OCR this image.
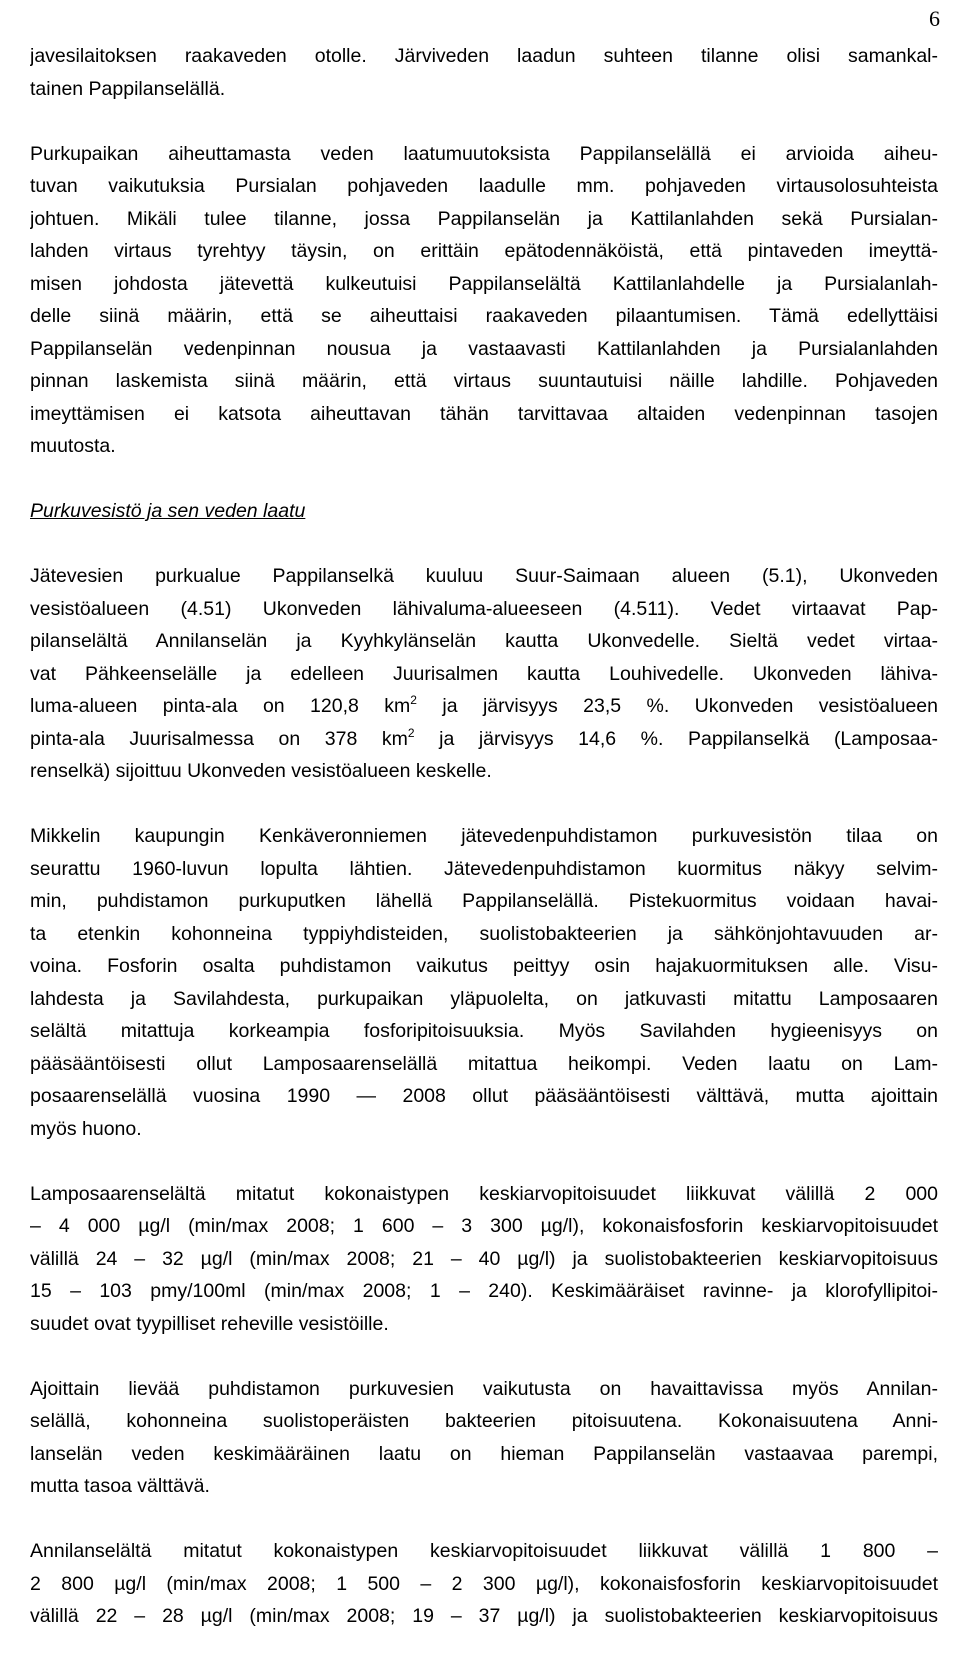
6

javesilaitoksen raakaveden otolle. Järviveden laadun suhteen tilanne olisi samankal-

tainen Pappilanselällä.

Purkupaikan aiheuttamasta veden laatumuutoksista Pappilanselällä ei arvioida aiheu-

tuvan vaikutuksia Pursialan pohjaveden laadulle mm. pohjaveden virtausolosuhteista

johtuen. Mikäli tulee tilanne, jossa Pappilanselän ja Kattilanlahden sekä Pursialan-

lahden virtaus tyrehtyy täysin, on erittäin epätodennäköistä, että pintaveden imeyttä-

misen johdosta jätevettä kulkeutuisi Pappilanselältä Kattilanlahdelle ja Pursialanlah-

delle siinä määrin, että se aiheuttaisi raakaveden pilaantumisen. Tämä edellyttäisi

Pappilanselän vedenpinnan nousua ja vastaavasti Kattilanlahden ja Pursialanlahden

pinnan laskemista siinä määrin, että virtaus suuntautuisi näille lahdille. Pohjaveden

imeyttämisen ei katsota aiheuttavan tähän tarvittavaa altaiden vedenpinnan tasojen

muutosta.

Purkuvesistö ja sen veden laatu

Jätevesien purkualue Pappilanselkä kuuluu Suur-Saimaan alueen (5.1), Ukonveden

vesistöalueen (4.51) Ukonveden lähivaluma-alueeseen (4.511). Vedet virtaavat Pap-

pilanselältä Annilanselän ja Kyyhkylänselän kautta Ukonvedelle. Sieltä vedet virtaa-

vat Pähkeenselälle ja edelleen Juurisalmen kautta Louhivedelle. Ukonveden lähiva-

luma-alueen pinta-ala on 120,8 $km^2$ ja järvisyys 23,5 %. Ukonveden vesistöalueen

pinta-ala Juurisalmessa on 378 $km^2$ ja järvisyys 14,6 %. Pappilanselkä (Lamposaa-

renselkä) sijoittuu Ukonveden vesistöalueen keskelle.

Mikkelin kaupungin Kenkäveronniemen jätevedenpuhdistamon purkuvesistön tilaa on

seurattu 1960-luvun lopulta lähtien. Jätevedenpuhdistamon kuormitus näkyy selvim-

min, puhdistamon purkuputken lähellä Pappilanselällä. Pistekuormitus voidaan havai-

ta etenkin kohonneina typpiyhdisteiden, suolistobakteerien ja sähkönjohtavuuden ar-

voina. Fosforin osalta puhdistamon vaikutus peittyy osin hajakuormituksen alle. Visu-

lahdesta ja Savilahdesta, purkupaikan yläpuolelta, on jatkuvasti mitattu Lamposaaren

selältä mitattuja korkeampia fosforipitoisuuksia. Myös Savilahden hygieenisyys on

pääsääntöisesti ollut Lamposaarenselällä mitattua heikompi. Veden laatu on Lam-

posaarenselällä vuosina 1990 — 2008 ollut pääsääntöisesti välttävä, mutta ajoittain

myös huono.

Lamposaarenselältä mitatut kokonaistypen keskiarvopitoisuudet liikkuvat välillä 2 000

– 4 000 µg/l (min/max 2008; 1 600 – 3 300 µg/l), kokonaisfosforin keskiarvopitoisuudet

välillä 24 – 32 µg/l (min/max 2008; 21 – 40 µg/l) ja suolistobakteerien keskiarvopitoisuus

15 – 103 pmy/100ml (min/max 2008; 1 – 240). Keskimääräiset ravinne- ja klorofyllipitoi-

suudet ovat tyypilliset reheville vesistöille.

Ajoittain lievää puhdistamon purkuvesien vaikutusta on havaittavissa myös Annilan-

selällä, kohonneina suolistoperäisten bakteerien pitoisuutena. Kokonaisuutena Anni-

lanselän veden keskimääräinen laatu on hieman Pappilanselän vastaavaa parempi,

mutta tasoa välttävä.

Annilanselältä mitatut kokonaistypen keskiarvopitoisuudet liikkuvat välillä 1 800 –

2 800 µg/l (min/max 2008; 1 500 – 2 300 µg/l), kokonaisfosforin keskiarvopitoisuudet

välillä 22 – 28 µg/l (min/max 2008; 19 – 37 µg/l) ja suolistobakteerien keskiarvopitoisuus
